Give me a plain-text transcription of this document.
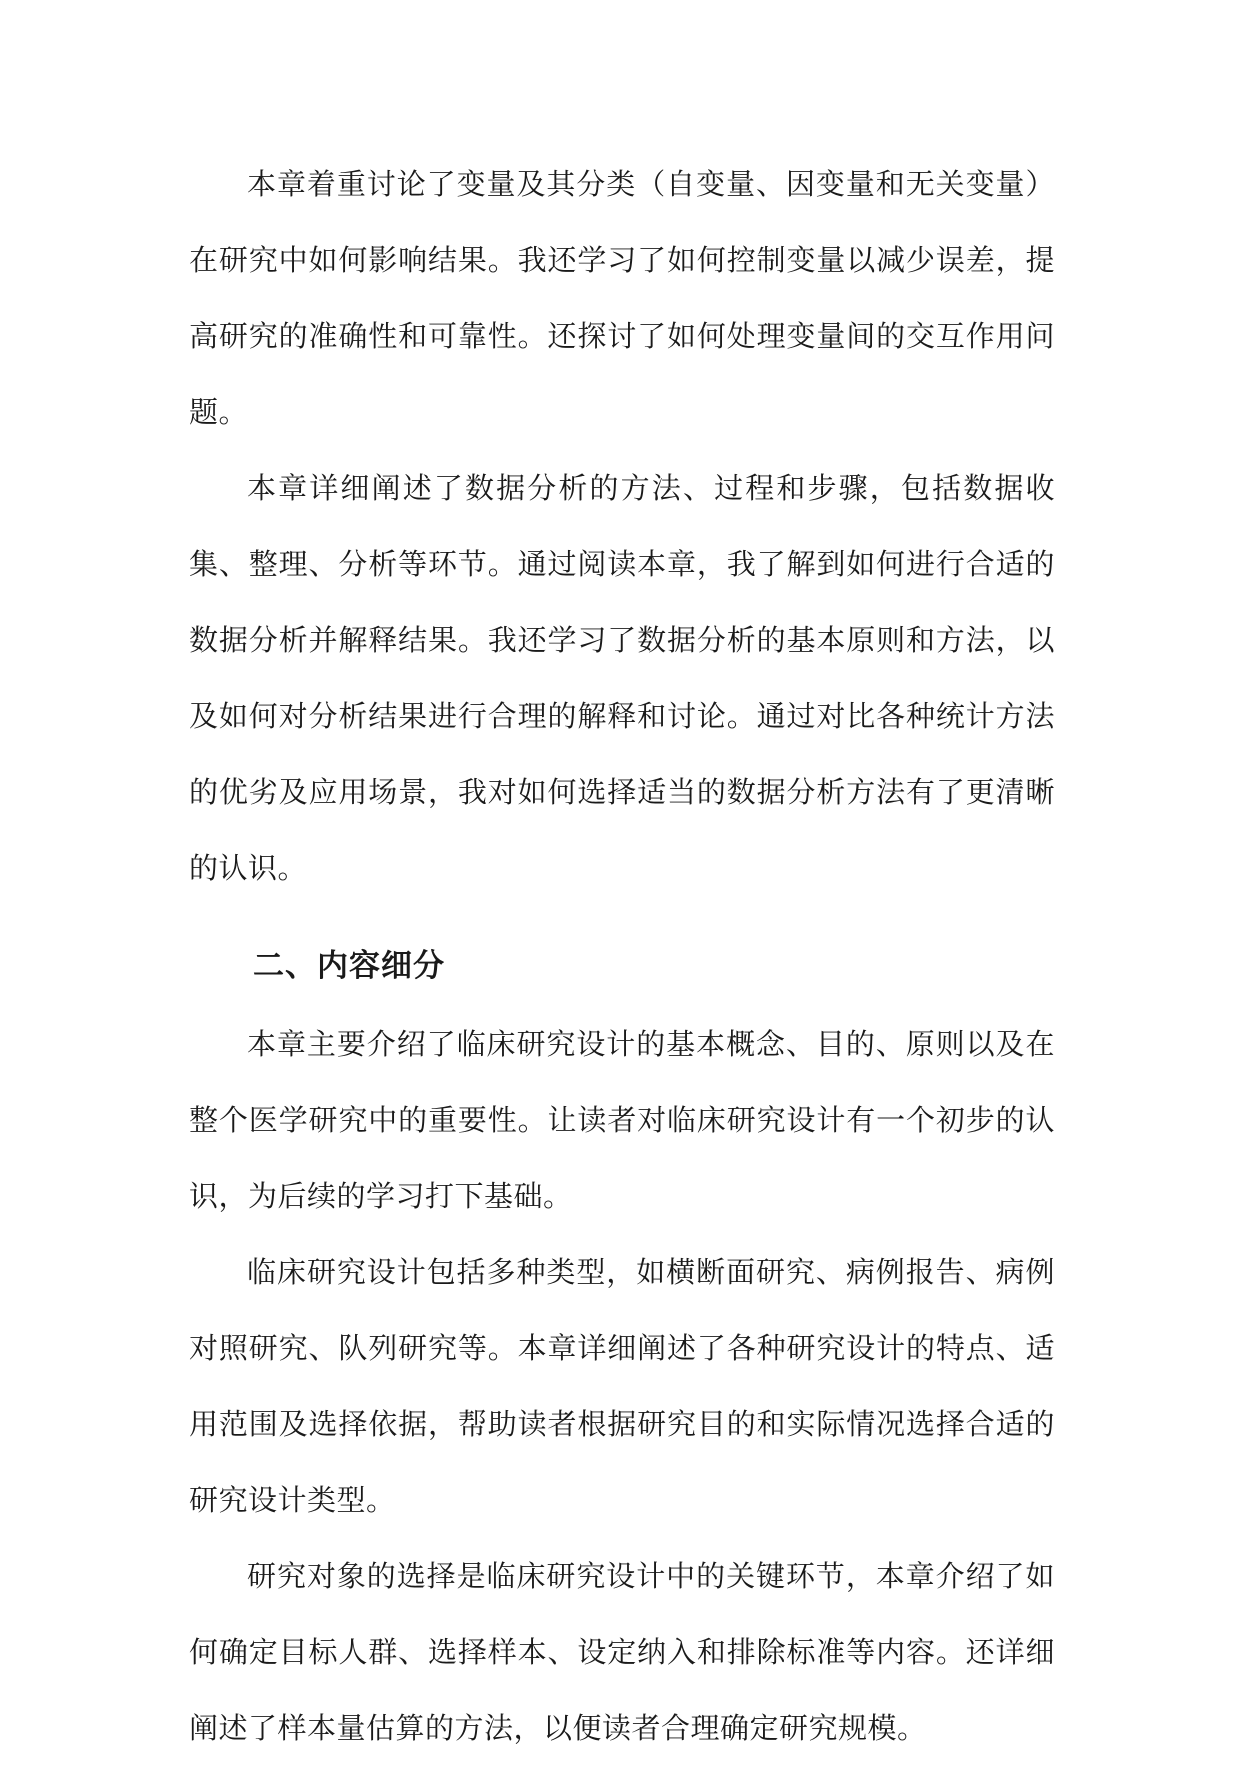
本章着重讨论了变量及其分类（自变量、因变量和无关变量）在研究中如何影响结果。我还学习了如何控制变量以减少误差，提高研究的准确性和可靠性。还探讨了如何处理变量间的交互作用问题。

本章详细阐述了数据分析的方法、过程和步骤，包括数据收集、整理、分析等环节。通过阅读本章，我了解到如何进行合适的数据分析并解释结果。我还学习了数据分析的基本原则和方法，以及如何对分析结果进行合理的解释和讨论。通过对比各种统计方法的优劣及应用场景，我对如何选择适当的数据分析方法有了更清晰的认识。

二、内容细分

本章主要介绍了临床研究设计的基本概念、目的、原则以及在整个医学研究中的重要性。让读者对临床研究设计有一个初步的认识，为后续的学习打下基础。

临床研究设计包括多种类型，如横断面研究、病例报告、病例对照研究、队列研究等。本章详细阐述了各种研究设计的特点、适用范围及选择依据，帮助读者根据研究目的和实际情况选择合适的研究设计类型。

研究对象的选择是临床研究设计中的关键环节，本章介绍了如何确定目标人群、选择样本、设定纳入和排除标准等内容。还详细阐述了样本量估算的方法，以便读者合理确定研究规模。
